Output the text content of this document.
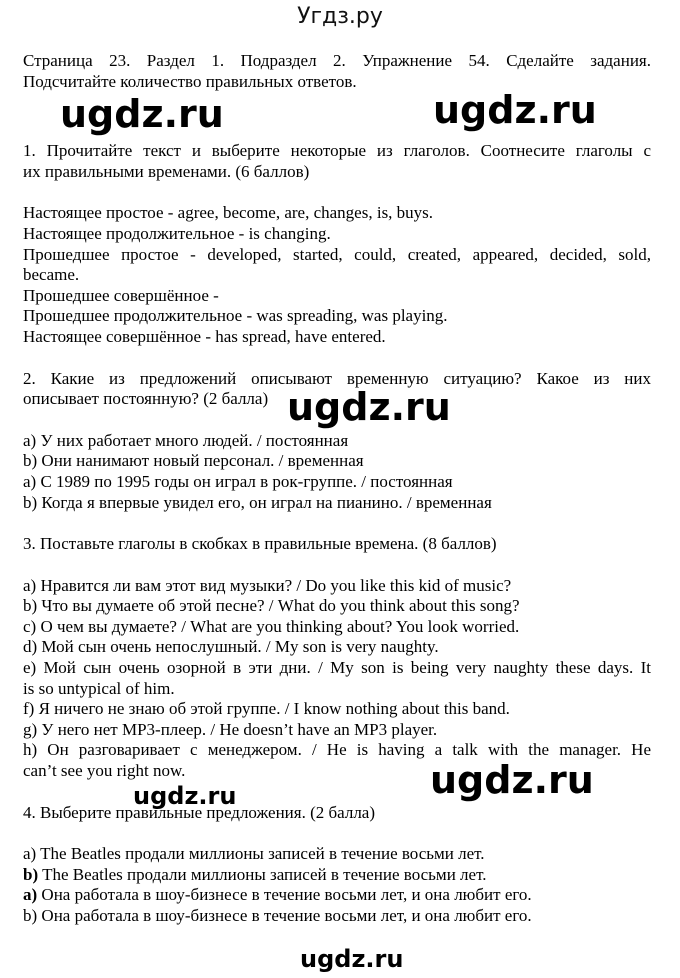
Угдз.ру

Страница 23. Раздел 1. Подраздел 2. Упражнение 54. Сделайте задания.

Подсчитайте количество правильных ответов.

1. Прочитайте текст и выберите некоторые из глаголов. Соотнесите глаголы с

их правильными временами. (6 баллов)

Настоящее простое - agree, become, are, changes, is, buys.

Настоящее продолжительное - is changing.

Прошедшее простое - developed, started, could, created, appeared, decided, sold,

became.

Прошедшее совершённое -

Прошедшее продолжительное - was spreading, was playing.

Настоящее совершённое - has spread, have entered.

2. Какие из предложений описывают временную ситуацию? Какое из них

описывает постоянную? (2 балла)

a) У них работает много людей. / постоянная

b) Они нанимают новый персонал. / временная

a) С 1989 по 1995 годы он играл в рок-группе. / постоянная

b) Когда я впервые увидел его, он играл на пианино. / временная

3. Поставьте глаголы в скобках в правильные времена. (8 баллов)

a) Нравится ли вам этот вид музыки? / Do you like this kid of music?

b) Что вы думаете об этой песне? / What do you think about this song?

c) О чем вы думаете? / What are you thinking about? You look worried.

d) Мой сын очень непослушный. / My son is very naughty.

e) Мой сын очень озорной в эти дни. / My son is being very naughty these days. It

is so untypical of him.

f) Я ничего не знаю об этой группе. / I know nothing about this band.

g) У него нет MP3-плеер. / He doesn’t have an MP3 player.

h) Он разговаривает с менеджером. / He is having a talk with the manager. He

can’t see you right now.

4. Выберите правильные предложения. (2 балла)

a) The Beatles продали миллионы записей в течение восьми лет.

b) The Beatles продали миллионы записей в течение восьми лет.

a) Она работала в шоу-бизнесе в течение восьми лет, и она любит его.

b) Она работала в шоу-бизнесе в течение восьми лет, и она любит его.

ugdz.ru	ugdz.ru
ugdz.ru
ugdz.ru
ugdz.ru
ugdz.ru
